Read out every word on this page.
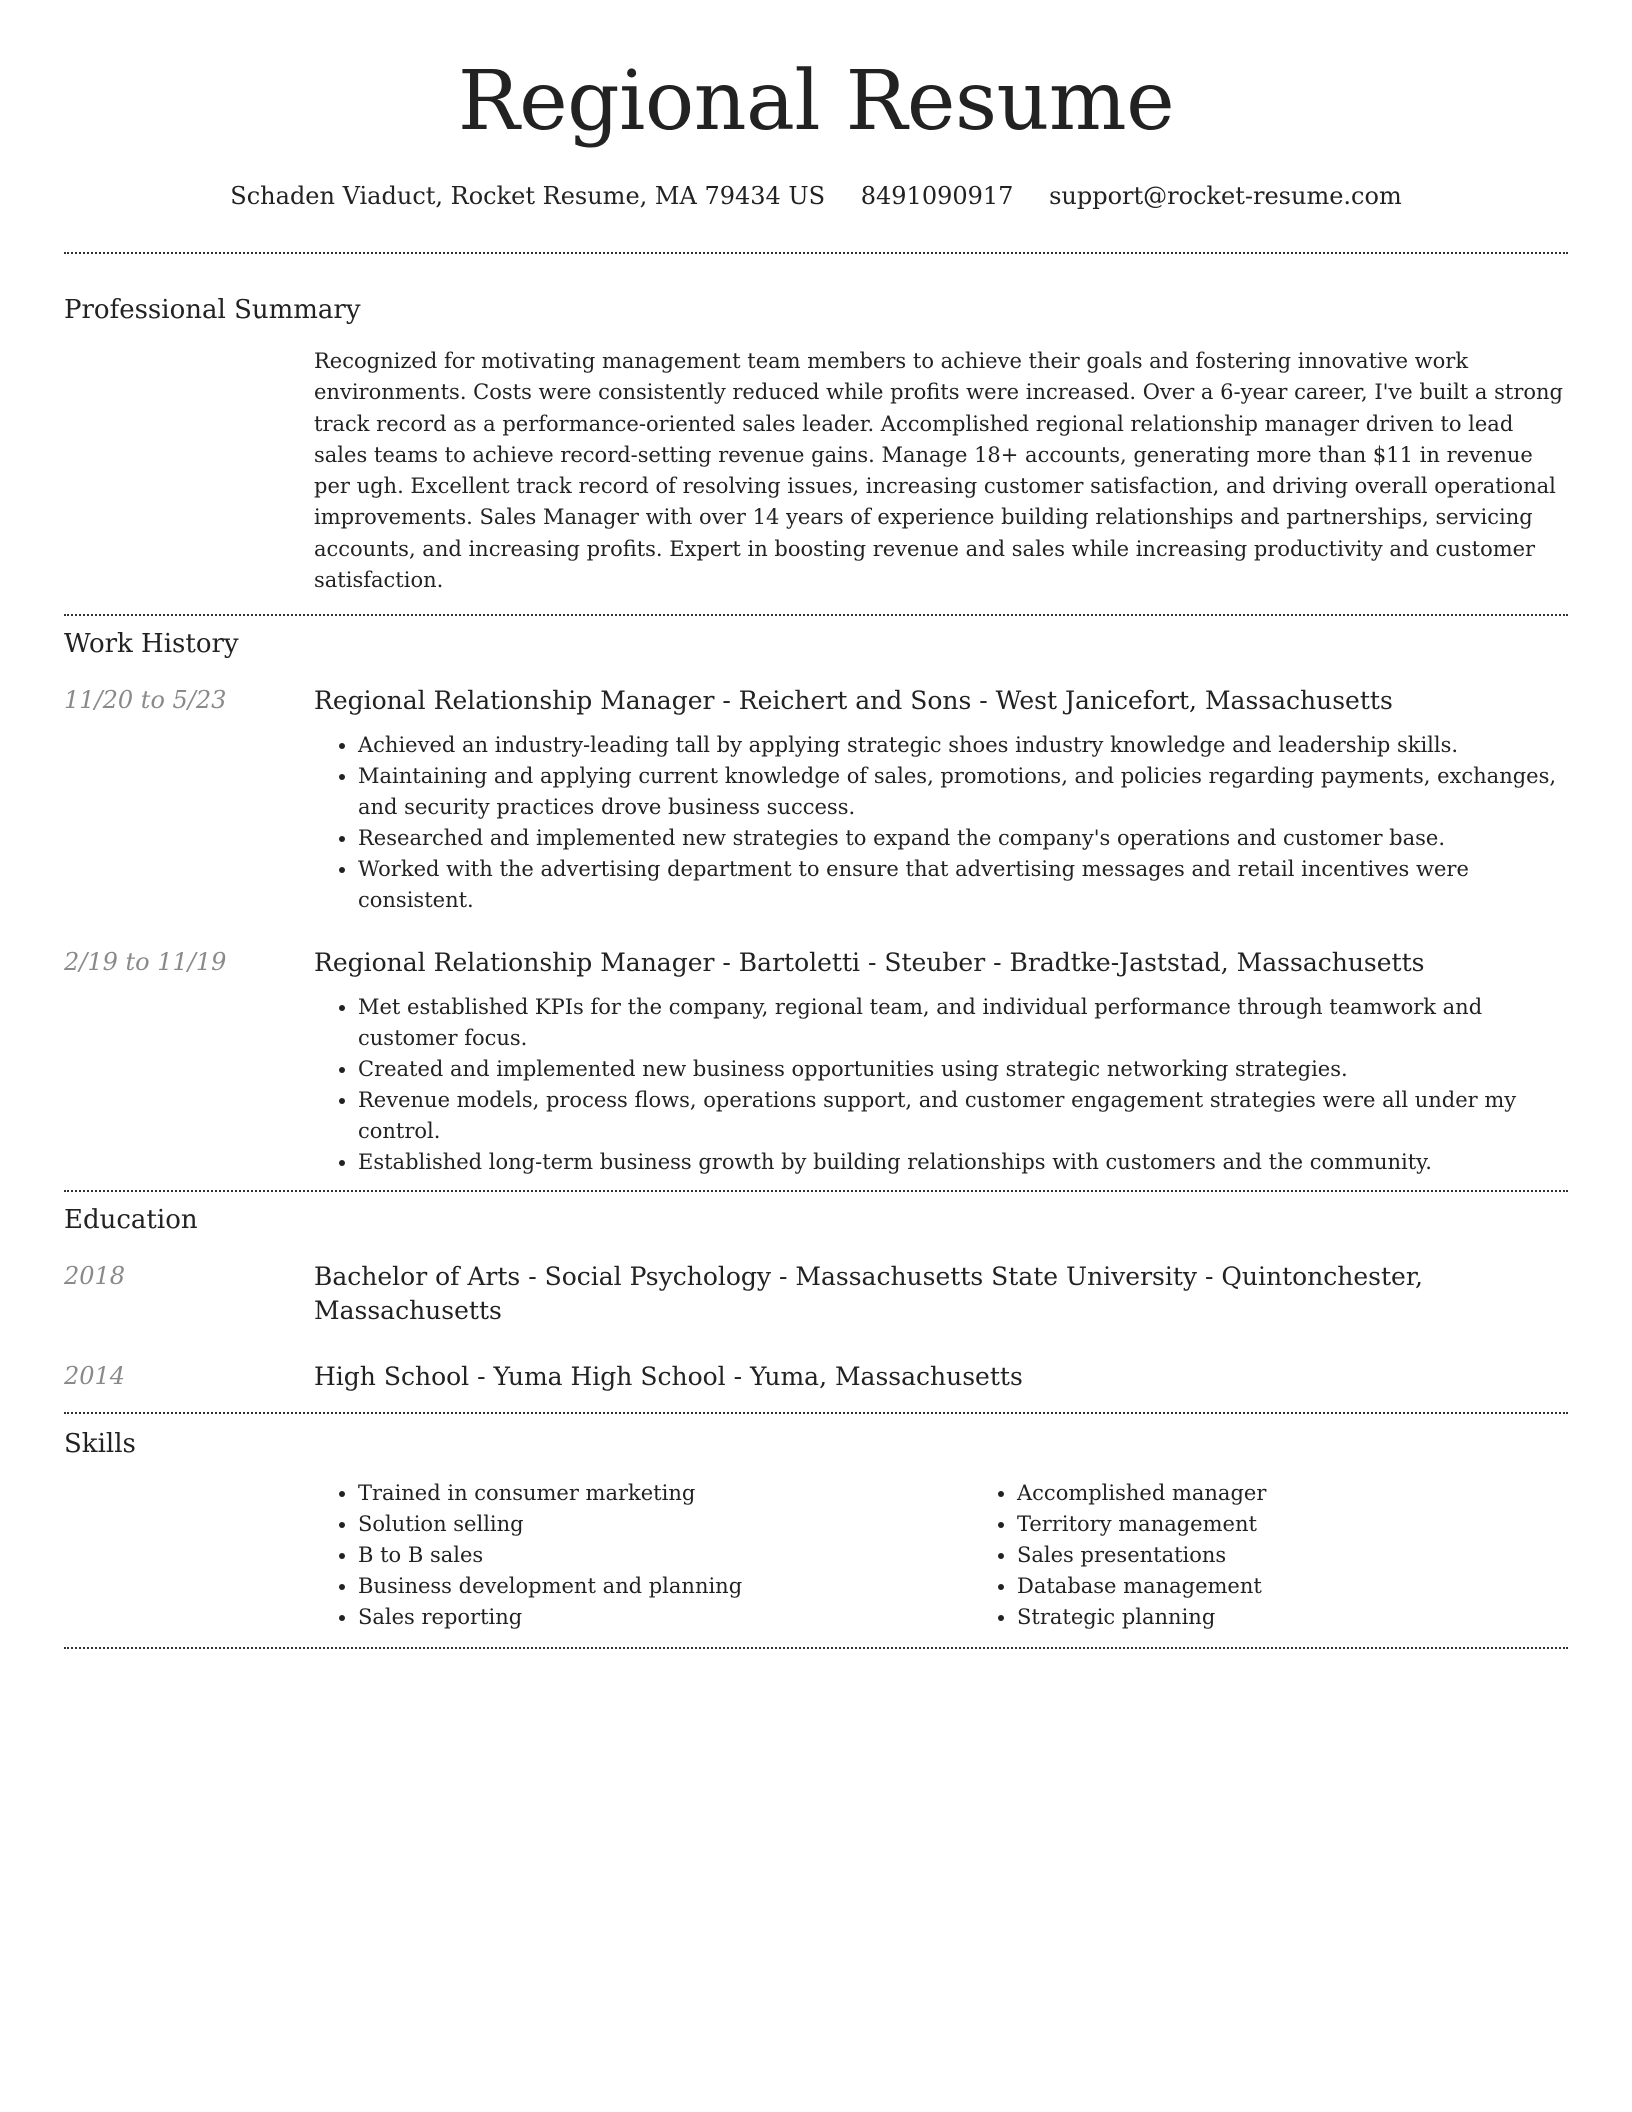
Regional Resume
Schaden Viaduct, Rocket Resume, MA 79434 US 8491090917 support@rocket-resume.com
Professional Summary

Recognized for motivating management team members to achieve their goals and fostering innovative work environments. Costs were consistently reduced while profits were increased. Over a 6-year career, I've built a strong track record as a performance-oriented sales leader. Accomplished regional relationship manager driven to lead sales teams to achieve record-setting revenue gains. Manage 18+ accounts, generating more than $11 in revenue per ugh. Excellent track record of resolving issues, increasing customer satisfaction, and driving overall operational improvements. Sales Manager with over 14 years of experience building relationships and partnerships, servicing accounts, and increasing profits. Expert in boosting revenue and sales while increasing productivity and customer satisfaction.

Work History
11/20 to 5/23	Regional Relationship Manager - Reichert and Sons - West Janicefort, Massachusetts
• Achieved an industry-leading tall by applying strategic shoes industry knowledge and leadership skills.
• Maintaining and applying current knowledge of sales, promotions, and policies regarding payments, exchanges, and security practices drove business success.
• Researched and implemented new strategies to expand the company's operations and customer base.
• Worked with the advertising department to ensure that advertising messages and retail incentives were consistent.
2/19 to 11/19	Regional Relationship Manager - Bartoletti - Steuber - Bradtke-Jaststad, Massachusetts
• Met established KPIs for the company, regional team, and individual performance through teamwork and customer focus.
• Created and implemented new business opportunities using strategic networking strategies.
• Revenue models, process flows, operations support, and customer engagement strategies were all under my control.
• Established long-term business growth by building relationships with customers and the community.
Education
2018	Bachelor of Arts - Social Psychology - Massachusetts State University - Quintonchester, Massachusetts
2014	High School - Yuma High School - Yuma, Massachusetts
Skills
• Trained in consumer marketing
• Solution selling
• B to B sales
• Business development and planning
• Sales reporting
• Accomplished manager
• Territory management
• Sales presentations
• Database management
• Strategic planning
